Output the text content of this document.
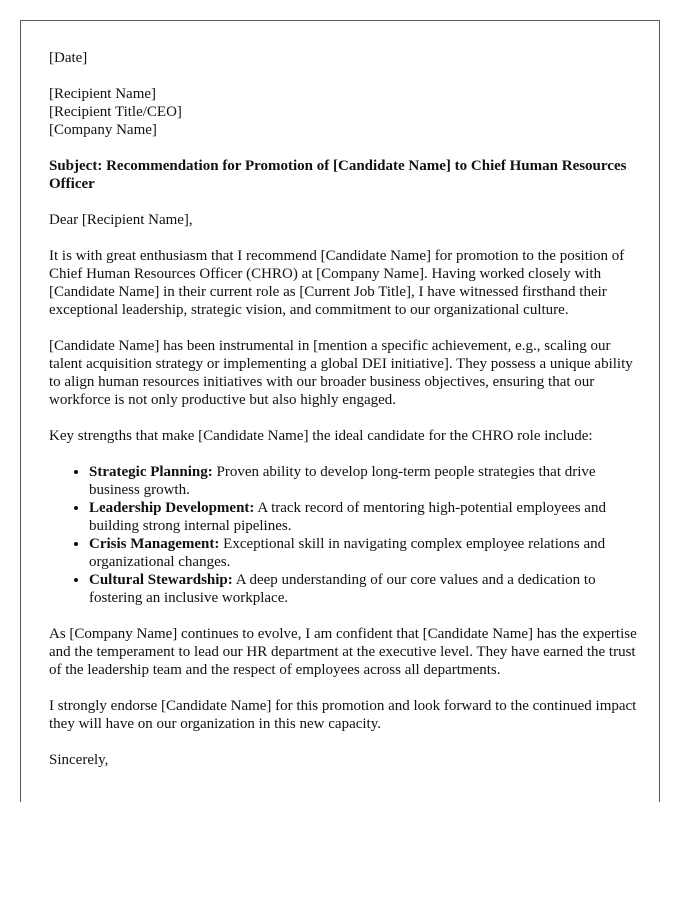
[Date]

[Recipient Name]
[Recipient Title/CEO]
[Company Name]

Subject: Recommendation for Promotion of [Candidate Name] to Chief Human Resources Officer

Dear [Recipient Name],

It is with great enthusiasm that I recommend [Candidate Name] for promotion to the position of Chief Human Resources Officer (CHRO) at [Company Name]. Having worked closely with [Candidate Name] in their current role as [Current Job Title], I have witnessed firsthand their exceptional leadership, strategic vision, and commitment to our organizational culture.

[Candidate Name] has been instrumental in [mention a specific achievement, e.g., scaling our talent acquisition strategy or implementing a global DEI initiative]. They possess a unique ability to align human resources initiatives with our broader business objectives, ensuring that our workforce is not only productive but also highly engaged.

Key strengths that make [Candidate Name] the ideal candidate for the CHRO role include:

• Strategic Planning: Proven ability to develop long-term people strategies that drive business growth.
• Leadership Development: A track record of mentoring high-potential employees and building strong internal pipelines.
• Crisis Management: Exceptional skill in navigating complex employee relations and organizational changes.
• Cultural Stewardship: A deep understanding of our core values and a dedication to fostering an inclusive workplace.

As [Company Name] continues to evolve, I am confident that [Candidate Name] has the expertise and the temperament to lead our HR department at the executive level. They have earned the trust of the leadership team and the respect of employees across all departments.

I strongly endorse [Candidate Name] for this promotion and look forward to the continued impact they will have on our organization in this new capacity.

Sincerely,
